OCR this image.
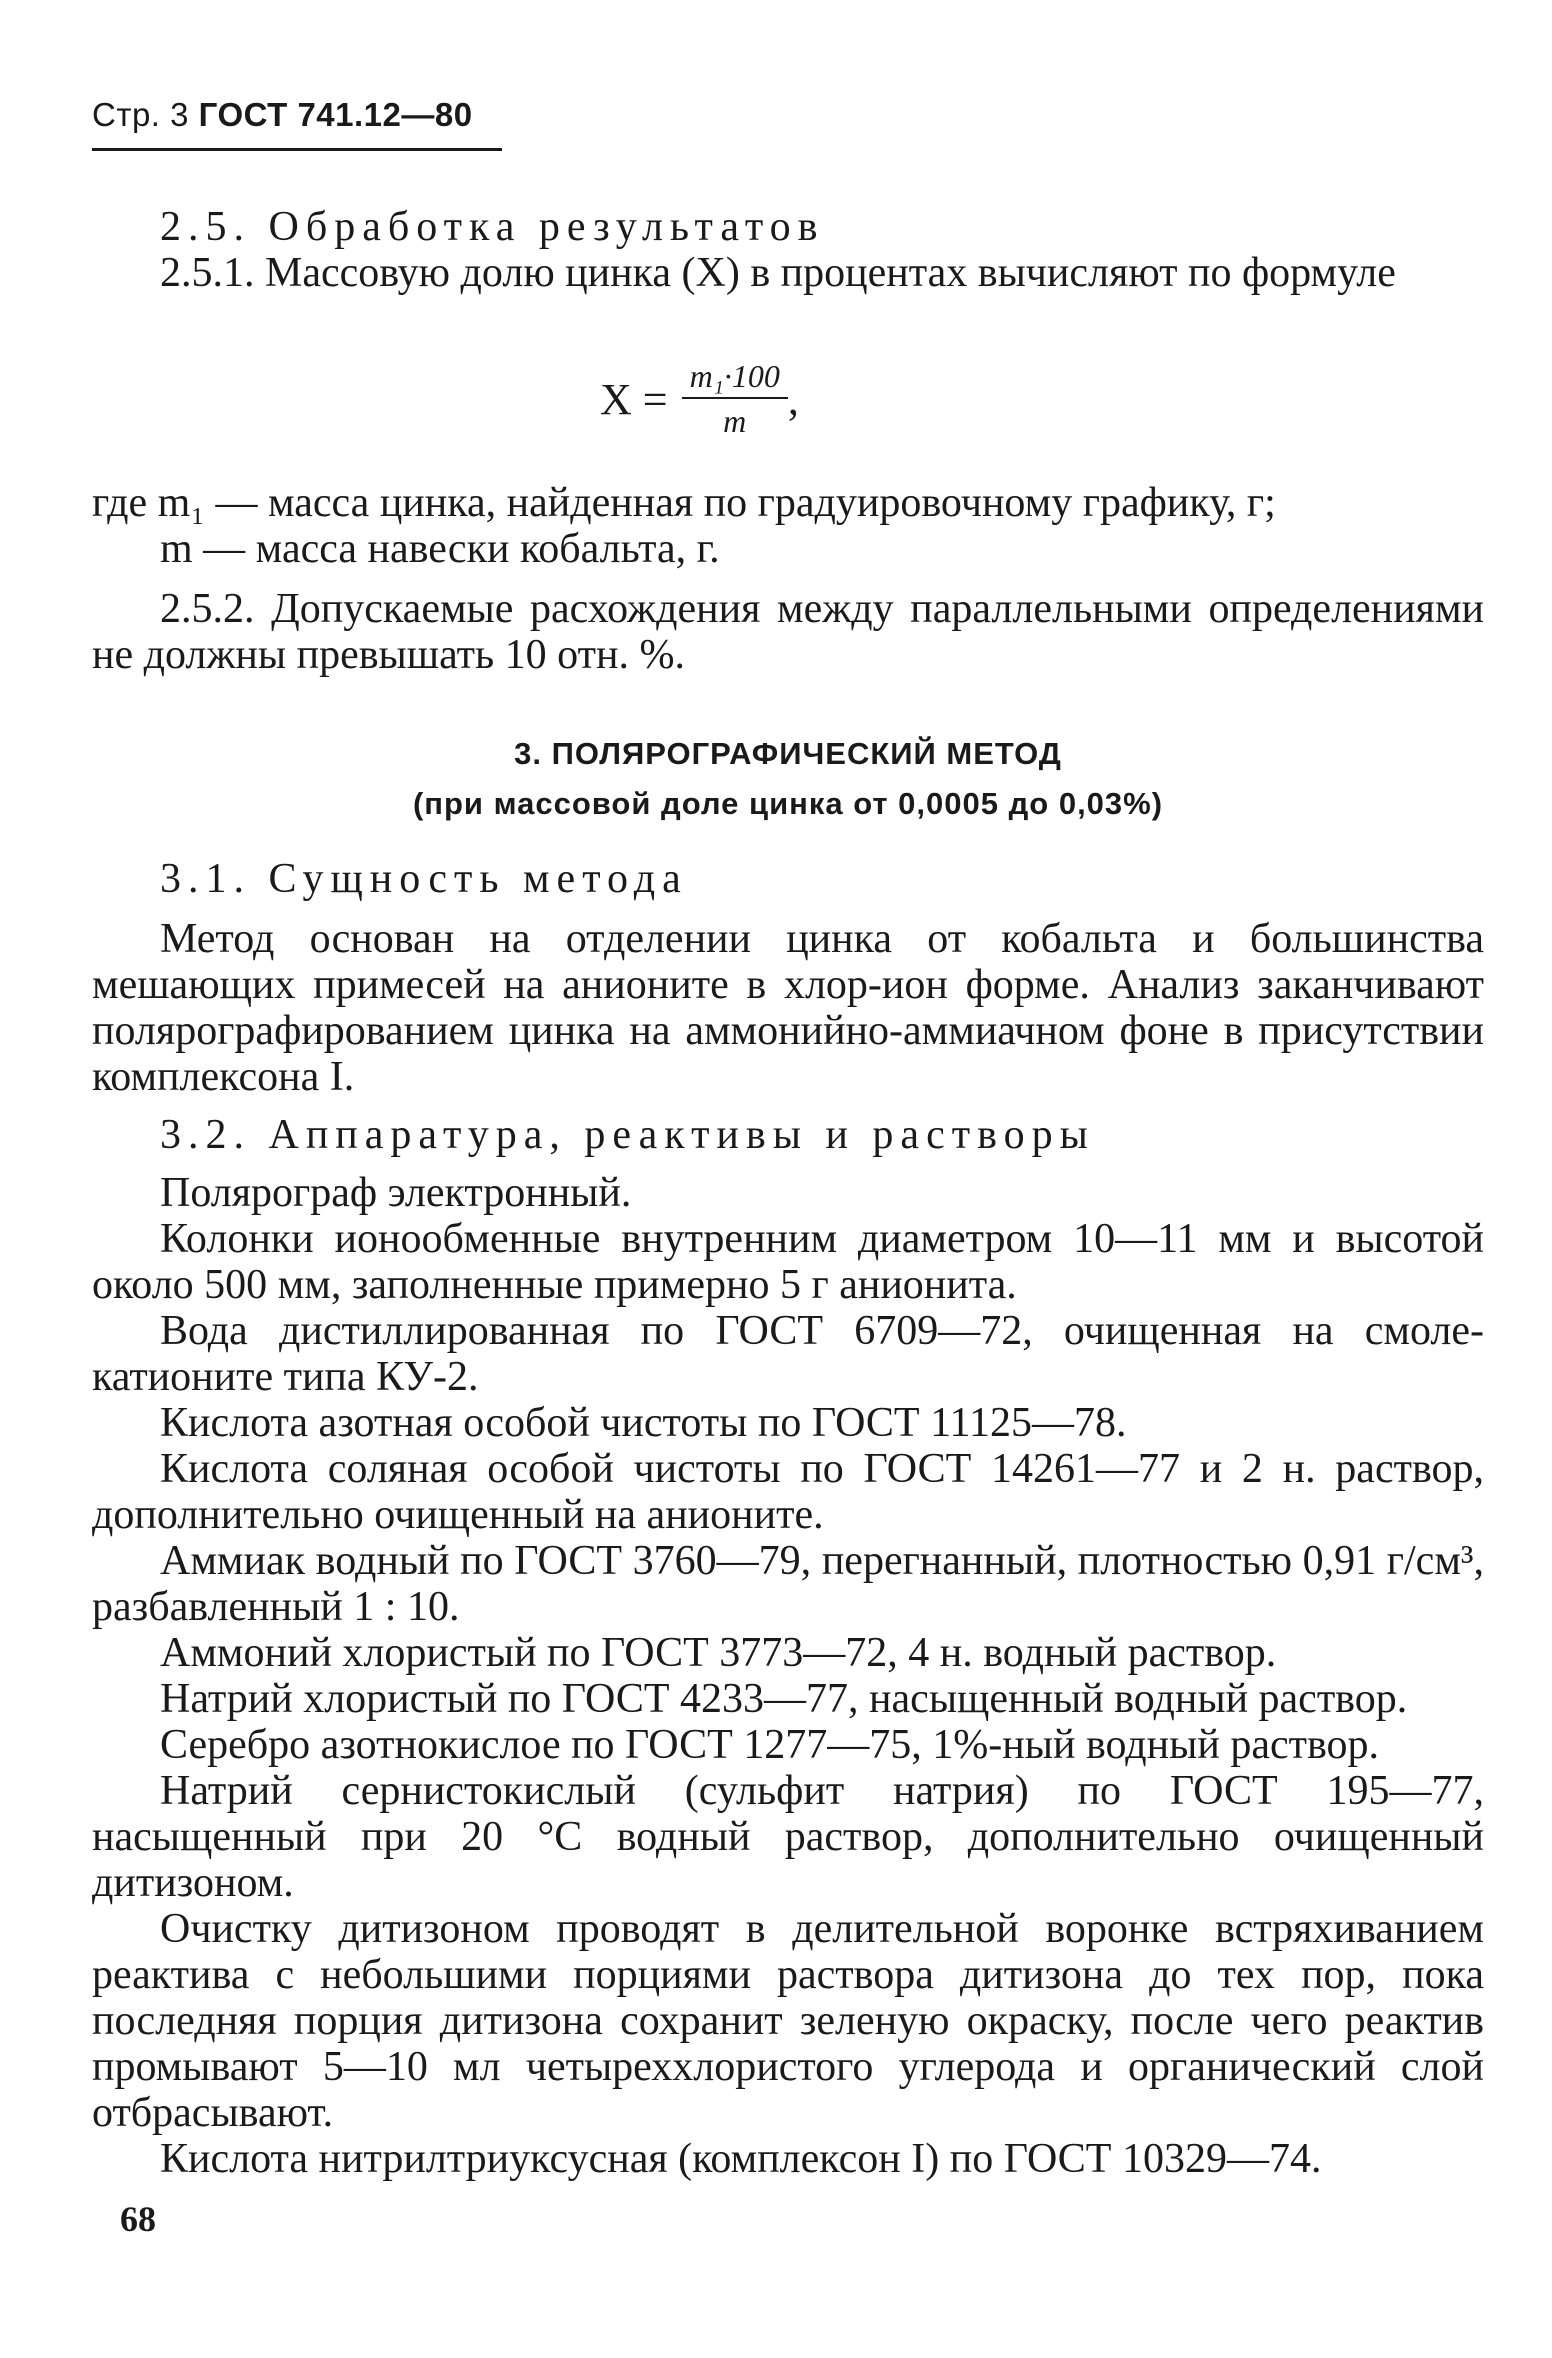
Стр. 3 ГОСТ 741.12—80

2.5. Обработка результатов

2.5.1. Массовую долю цинка (X) в процентах вычисляют по формуле

$X = \frac{\text{m₁·100}}{m}$ ,

где m₁ — масса цинка, найденная по градуировочному графику, г;

m — масса навески кобальта, г.

2.5.2. Допускаемые расхождения между параллельными определениями не должны превышать 10 отн. %.

3. ПОЛЯРОГРАФИЧЕСКИЙ МЕТОД
(при массовой доле цинка от 0,0005 до 0,03%)

3.1. Сущность метода

Метод основан на отделении цинка от кобальта и большинства мешающих примесей на анионите в хлор-ион форме. Анализ заканчивают полярографированием цинка на аммонийно-аммиачном фоне в присутствии комплексона I.

3.2. Аппаратура, реактивы и растворы

Полярограф электронный.

Колонки ионообменные внутренним диаметром 10—11 мм и высотой около 500 мм, заполненные примерно 5 г анионита.

Вода дистиллированная по ГОСТ 6709—72, очищенная на смоле-катионите типа КУ-2.

Кислота азотная особой чистоты по ГОСТ 11125—78.

Кислота соляная особой чистоты по ГОСТ 14261—77 и 2 н. раствор, дополнительно очищенный на анионите.

Аммиак водный по ГОСТ 3760—79, перегнанный, плотностью 0,91 г/см³, разбавленный 1 : 10.

Аммоний хлористый по ГОСТ 3773—72, 4 н. водный раствор.

Натрий хлористый по ГОСТ 4233—77, насыщенный водный раствор.

Серебро азотнокислое по ГОСТ 1277—75, 1%-ный водный раствор.

Натрий сернистокислый (сульфит натрия) по ГОСТ 195—77, насыщенный при 20 °С водный раствор, дополнительно очищенный дитизоном.

Очистку дитизоном проводят в делительной воронке встряхиванием реактива с небольшими порциями раствора дитизона до тех пор, пока последняя порция дитизона сохранит зеленую окраску, после чего реактив промывают 5—10 мл четыреххлористого углерода и органический слой отбрасывают.

Кислота нитрилтриуксусная (комплексон I) по ГОСТ 10329—74.

68
